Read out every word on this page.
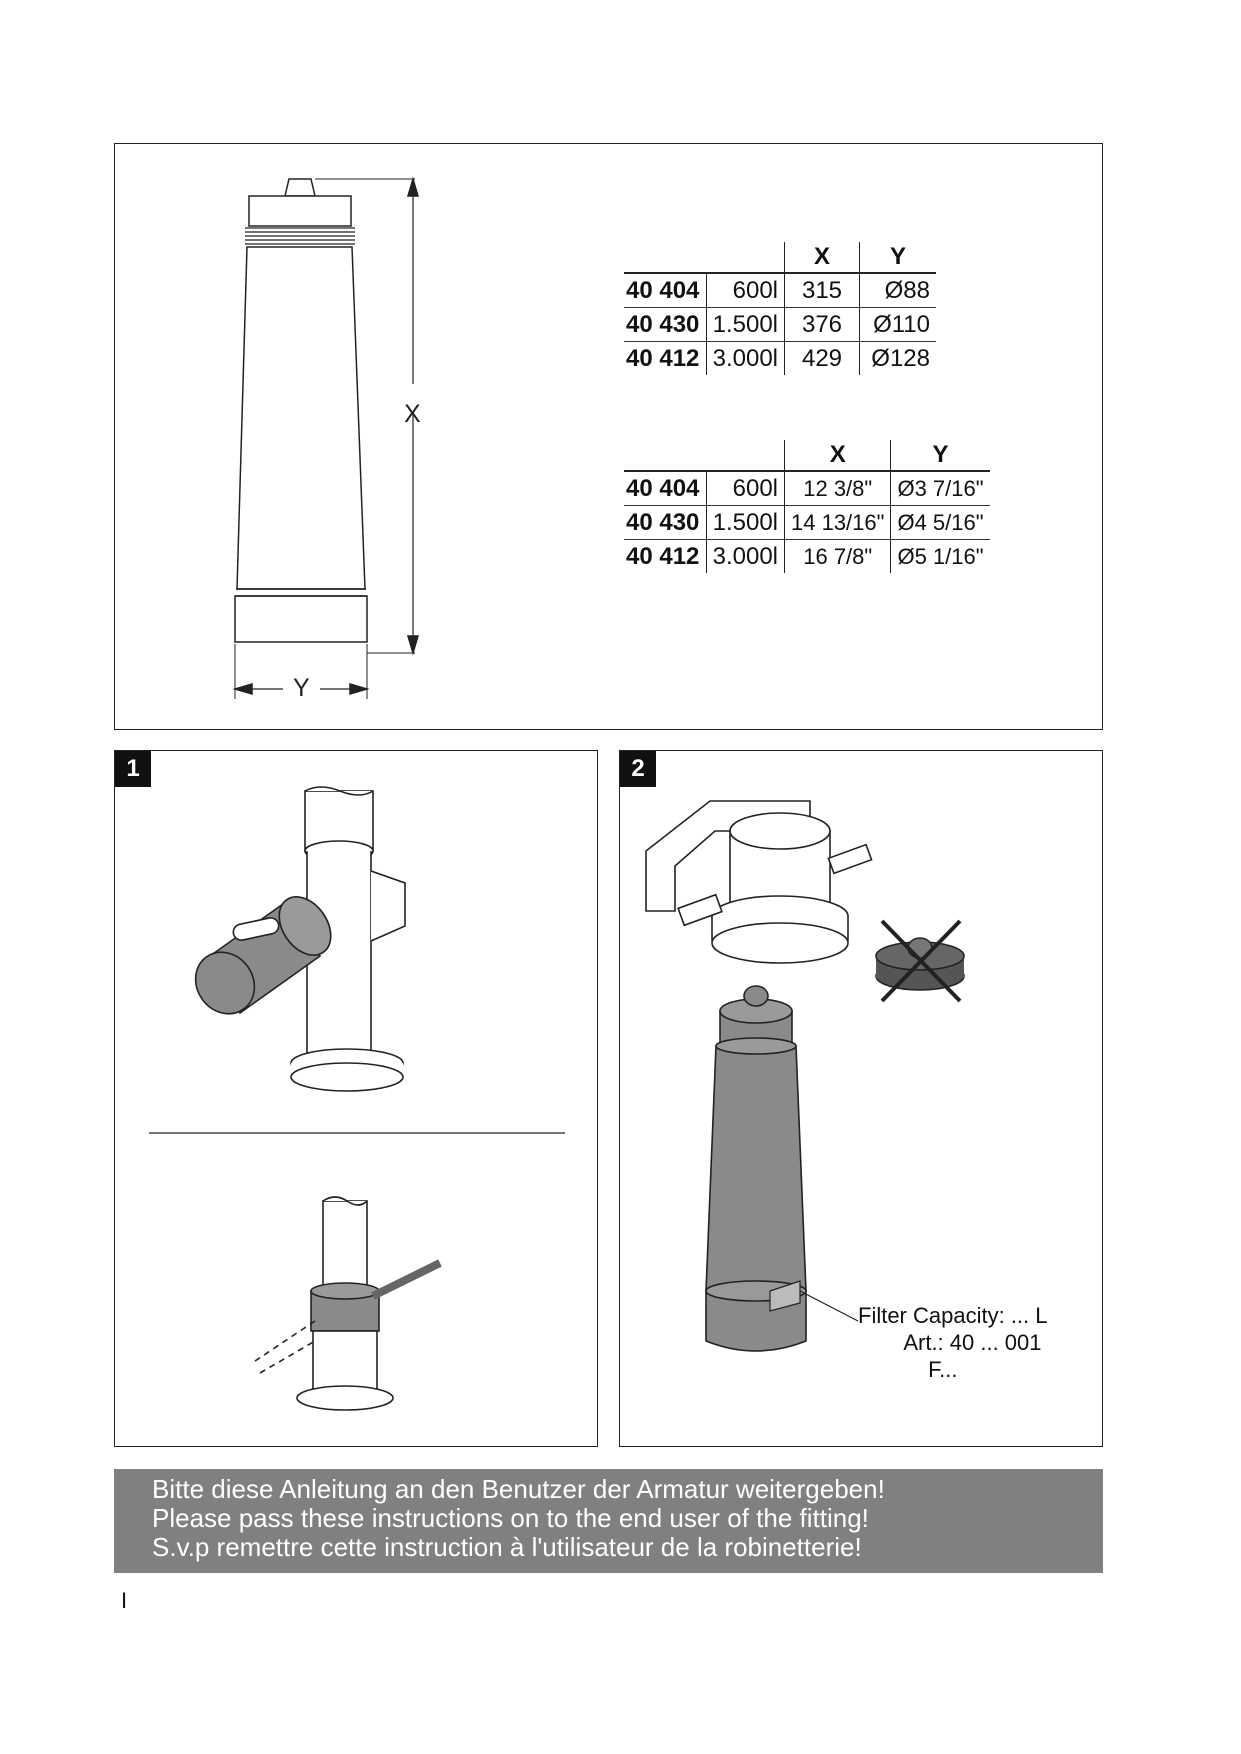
X
Y
		X	Y
40 404	600l	315	Ø88
40 430	1.500l	376	Ø110
40 412	3.000l	429	Ø128
		X	Y
40 404	600l	12 3/8"	Ø3 7/16"
40 430	1.500l	14 13/16"	Ø4 5/16"
40 412	3.000l	16 7/8"	Ø5 1/16"
1	2
Filter Capacity: ... L
Art.: 40 ... 001
F...
Bitte diese Anleitung an den Benutzer der Armatur weitergeben!
Please pass these instructions on to the end user of the fitting!
S.v.p remettre cette instruction à l'utilisateur de la robinetterie!
I
